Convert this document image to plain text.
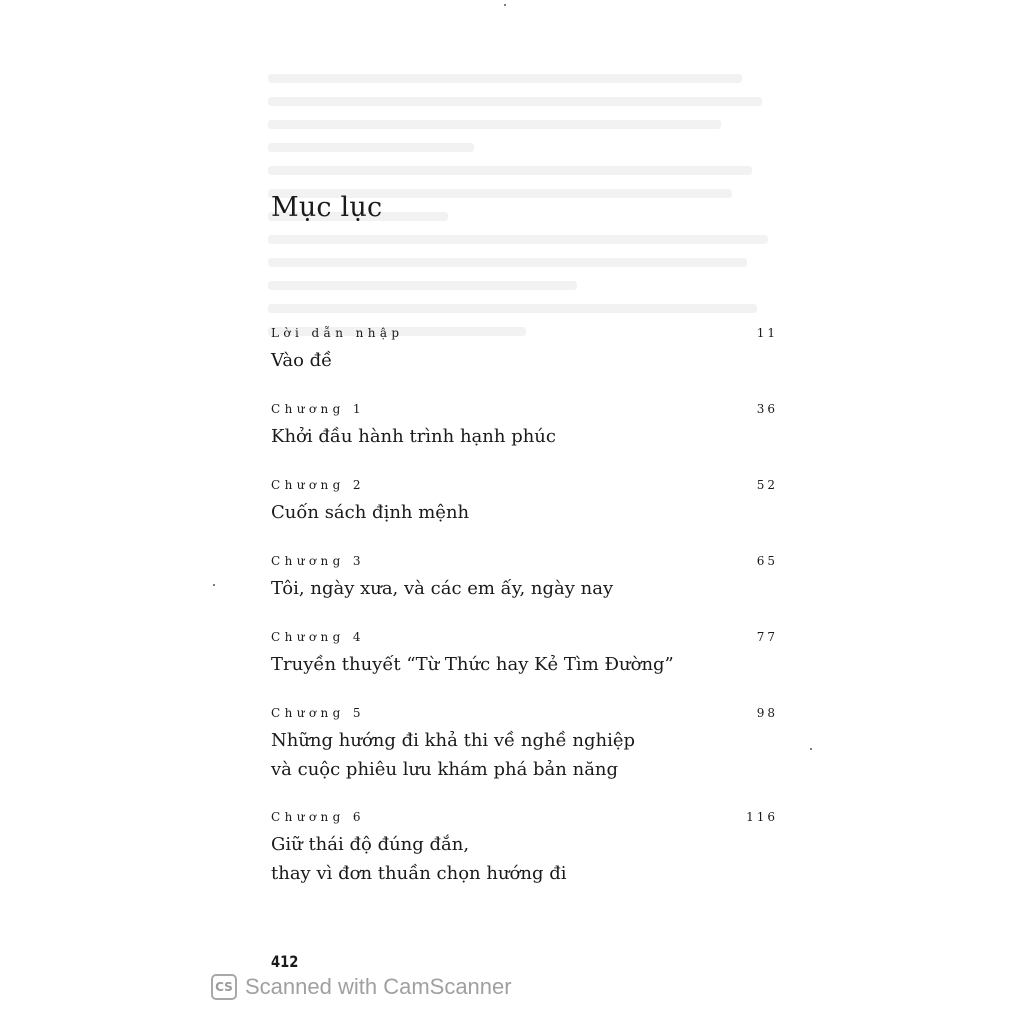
Mục lục
Lời dẫn nhập	11
Vào đề
Chương 1	36
Khởi đầu hành trình hạnh phúc
Chương 2	52
Cuốn sách định mệnh
Chương 3	65
Tôi, ngày xưa, và các em ấy, ngày nay
Chương 4	77
Truyền thuyết “Từ Thức hay Kẻ Tìm Đường”
Chương 5	98
Những hướng đi khả thi về nghề nghiệp
và cuộc phiêu lưu khám phá bản năng
Chương 6	116
Giữ thái độ đúng đắn,
thay vì đơn thuần chọn hướng đi
412
CS Scanned with CamScanner
